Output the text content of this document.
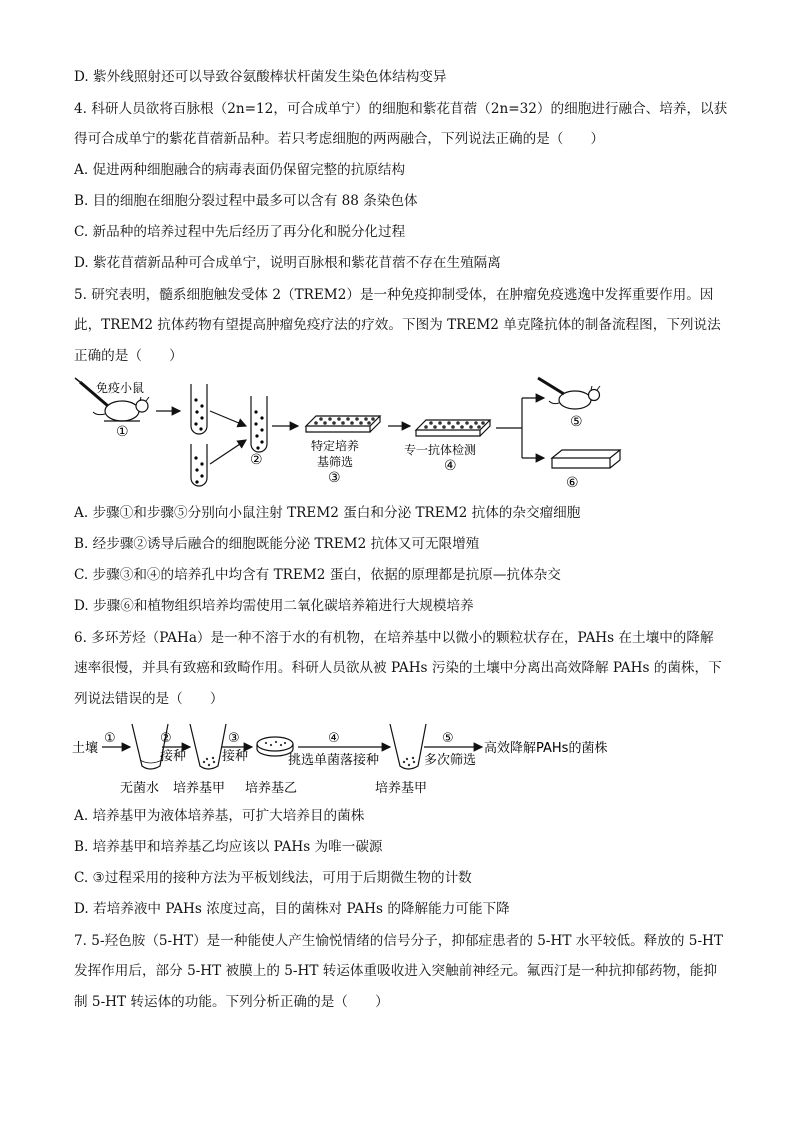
D. 紫外线照射还可以导致谷氨酸棒状杆菌发生染色体结构变异
4. 科研人员欲将百脉根（2n=12，可合成单宁）的细胞和紫花苜蓿（2n=32）的细胞进行融合、培养，以获
得可合成单宁的紫花苜蓿新品种。若只考虑细胞的两两融合，下列说法正确的是（　　）
A. 促进两种细胞融合的病毒表面仍保留完整的抗原结构
B. 目的细胞在细胞分裂过程中最多可以含有 88 条染色体
C. 新品种的培养过程中先后经历了再分化和脱分化过程
D. 紫花苜蓿新品种可合成单宁，说明百脉根和紫花苜蓿不存在生殖隔离
5. 研究表明，髓系细胞触发受体 2（TREM2）是一种免疫抑制受体，在肿瘤免疫逃逸中发挥重要作用。因
此，TREM2 抗体药物有望提高肿瘤免疫疗法的疗效。下图为 TREM2 单克隆抗体的制备流程图，下列说法
正确的是（　　）
免疫小鼠
①
②
特定培养
基筛选
③
专一抗体检测
④
⑤
⑥
A. 步骤①和步骤⑤分别向小鼠注射 TREM2 蛋白和分泌 TREM2 抗体的杂交瘤细胞
B. 经步骤②诱导后融合的细胞既能分泌 TREM2 抗体又可无限增殖
C. 步骤③和④的培养孔中均含有 TREM2 蛋白，依据的原理都是抗原—抗体杂交
D. 步骤⑥和植物组织培养均需使用二氧化碳培养箱进行大规模培养
6. 多环芳烃（PAHa）是一种不溶于水的有机物，在培养基中以微小的颗粒状存在，PAHs 在土壤中的降解
速率很慢，并具有致癌和致畸作用。科研人员欲从被 PAHs 污染的土壤中分离出高效降解 PAHs 的菌株，下
列说法错误的是（　　）
土壤
①
无菌水
②
接种
培养基甲
③
接种
培养基乙
④
挑选单菌落接种
培养基甲
⑤
多次筛选
高效降解PAHs的菌株
A. 培养基甲为液体培养基，可扩大培养目的菌株
B. 培养基甲和培养基乙均应该以 PAHs 为唯一碳源
C. ③过程采用的接种方法为平板划线法，可用于后期微生物的计数
D. 若培养液中 PAHs 浓度过高，目的菌株对 PAHs 的降解能力可能下降
7. 5-羟色胺（5-HT）是一种能使人产生愉悦情绪的信号分子，抑郁症患者的 5-HT 水平较低。释放的 5-HT
发挥作用后，部分 5-HT 被膜上的 5-HT 转运体重吸收进入突触前神经元。氟西汀是一种抗抑郁药物，能抑
制 5-HT 转运体的功能。下列分析正确的是（　　）
